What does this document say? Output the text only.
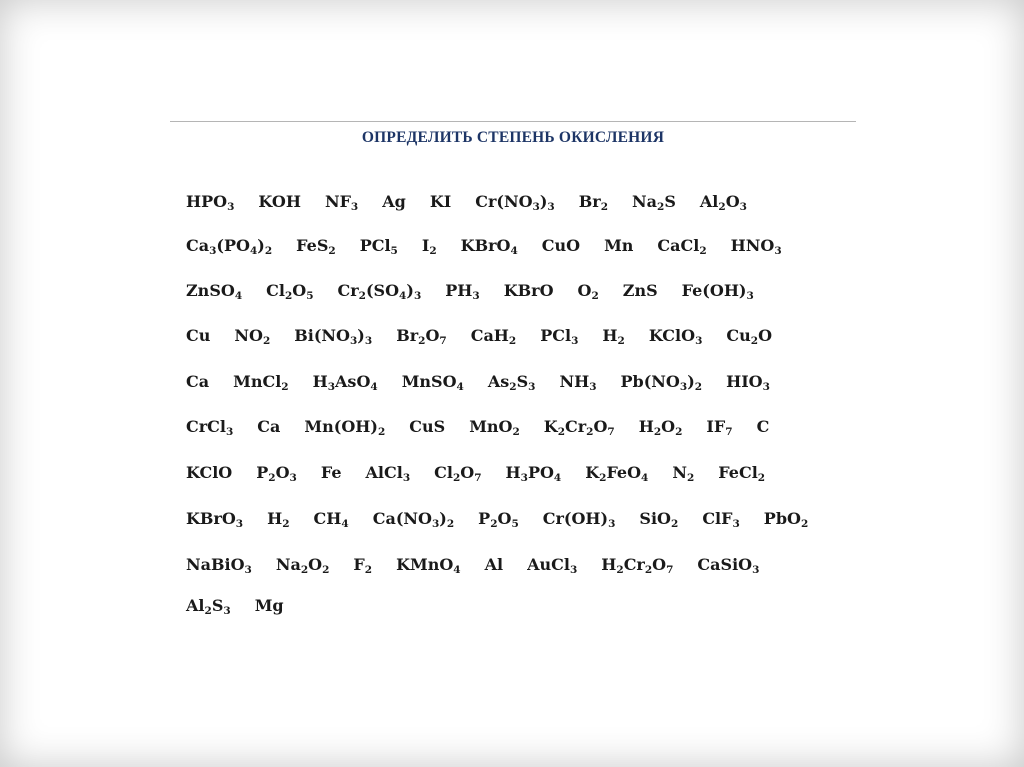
ОПРЕДЕЛИТЬ СТЕПЕНЬ ОКИСЛЕНИЯ
$HPO_3$ KOH $NF_3$ Ag KI $Cr(NO_3)_3$ $Br_2$ $Na_2S$ $Al_2O_3$
$Ca_3(PO_4)_2$ FeS$_2$ PCl$_5$ $I_2$ KBrO$_4$ CuO Mn CaCl$_2$ $HNO_3$
ZnSO$_4$ $Cl_2O_5$ $Cr_2(SO_4)_3$ $PH_3$ KBrO $O_2$ ZnS $Fe(OH)_3$
Cu $NO_2$ $Bi(NO_3)_3$ $Br_2O_7$ CaH$_2$ PCl$_3$ $H_2$ KClO$_3$ $Cu_2O$
Ca MnCl$_2$ $H_3AsO_4$ MnSO$_4$ $As_2S_3$ $NH_3$ $Pb(NO_3)_2$ $HIO_3$
CrCl$_3$ Ca $Mn(OH)_2$ CuS MnO$_2$ $K_2Cr_2O_7$ $H_2O_2$ $IF_7$ C
KClO $P_2O_3$ Fe AlCl$_3$ $Cl_2O_7$ $H_3PO_4$ $K_2FeO_4$ $N_2$ FeCl$_2$
KBrO$_3$ $H_2$ $CH_4$ $Ca(NO_3)_2$ $P_2O_5$ $Cr(OH)_3$ SiO$_2$ ClF$_3$ PbO$_2$
NaBiO$_3$ $Na_2O_2$ $F_2$ KMnO$_4$ Al AuCl$_3$ $H_2Cr_2O_7$ CaSiO$_3$
$Al_2S_3$ Mg
